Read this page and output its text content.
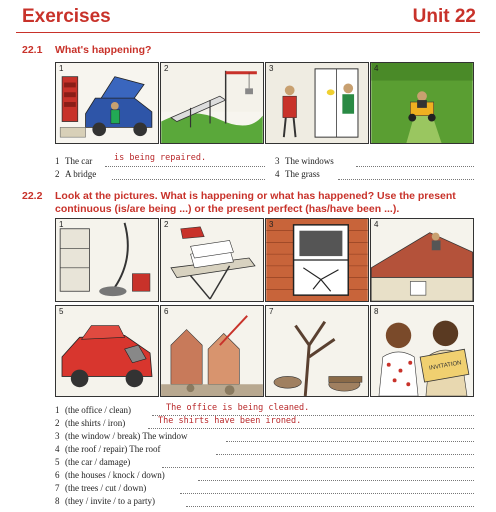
Exercises	Unit 22
22.1 What's happening?
1	2	3	4
1 The car	is being repaired.
2 A bridge
3 The windows
4 The grass
22.2 Look at the pictures. What is happening or what has happened? Use the present
continuous (is/are being ...) or the present perfect (has/have been ...).
1	2	3	4
5	6	7	8
INVITATION
1 (the office / clean)	The office is being cleaned.
2 (the shirts / iron)	The shirts have been ironed.
3 (the window / break) The window
4 (the roof / repair) The roof
5 (the car / damage)
6 (the houses / knock / down)
7 (the trees / cut / down)
8 (they / invite / to a party)
